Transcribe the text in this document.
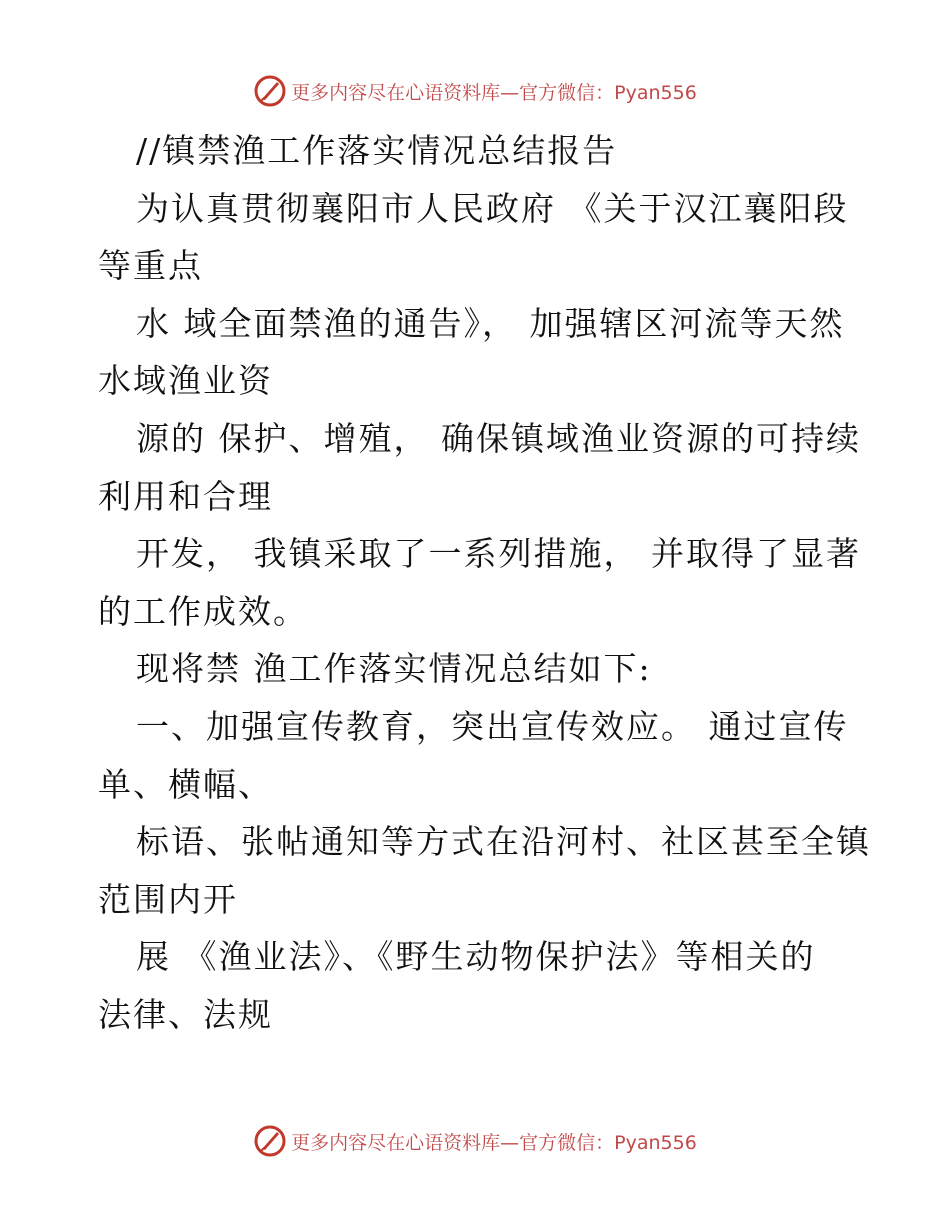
更多内容尽在心语资料库 —官方微信：Pyan556
//镇禁渔工作落实情况总结报告
为认真贯彻襄阳市人民政府 《关于汉江襄阳段
等重点
水 域全面禁渔的通告》， 加强辖区河流等天然
水域渔业资
源的 保护、增殖， 确保镇域渔业资源的可持续
利用和合理
开发， 我镇采取了一系列措施， 并取得了显著
的工作成效。
现将禁 渔工作落实情况总结如下:
一、加强宣传教育，突出宣传效应。 通过宣传
单、横幅、
标语、张帖通知等方式在沿河村、社区甚至全镇
范围内开
展 《渔业法》、《野生动物保护法》等相关的
法律、法规
更多内容尽在心语资料库 —官方微信：Pyan556
